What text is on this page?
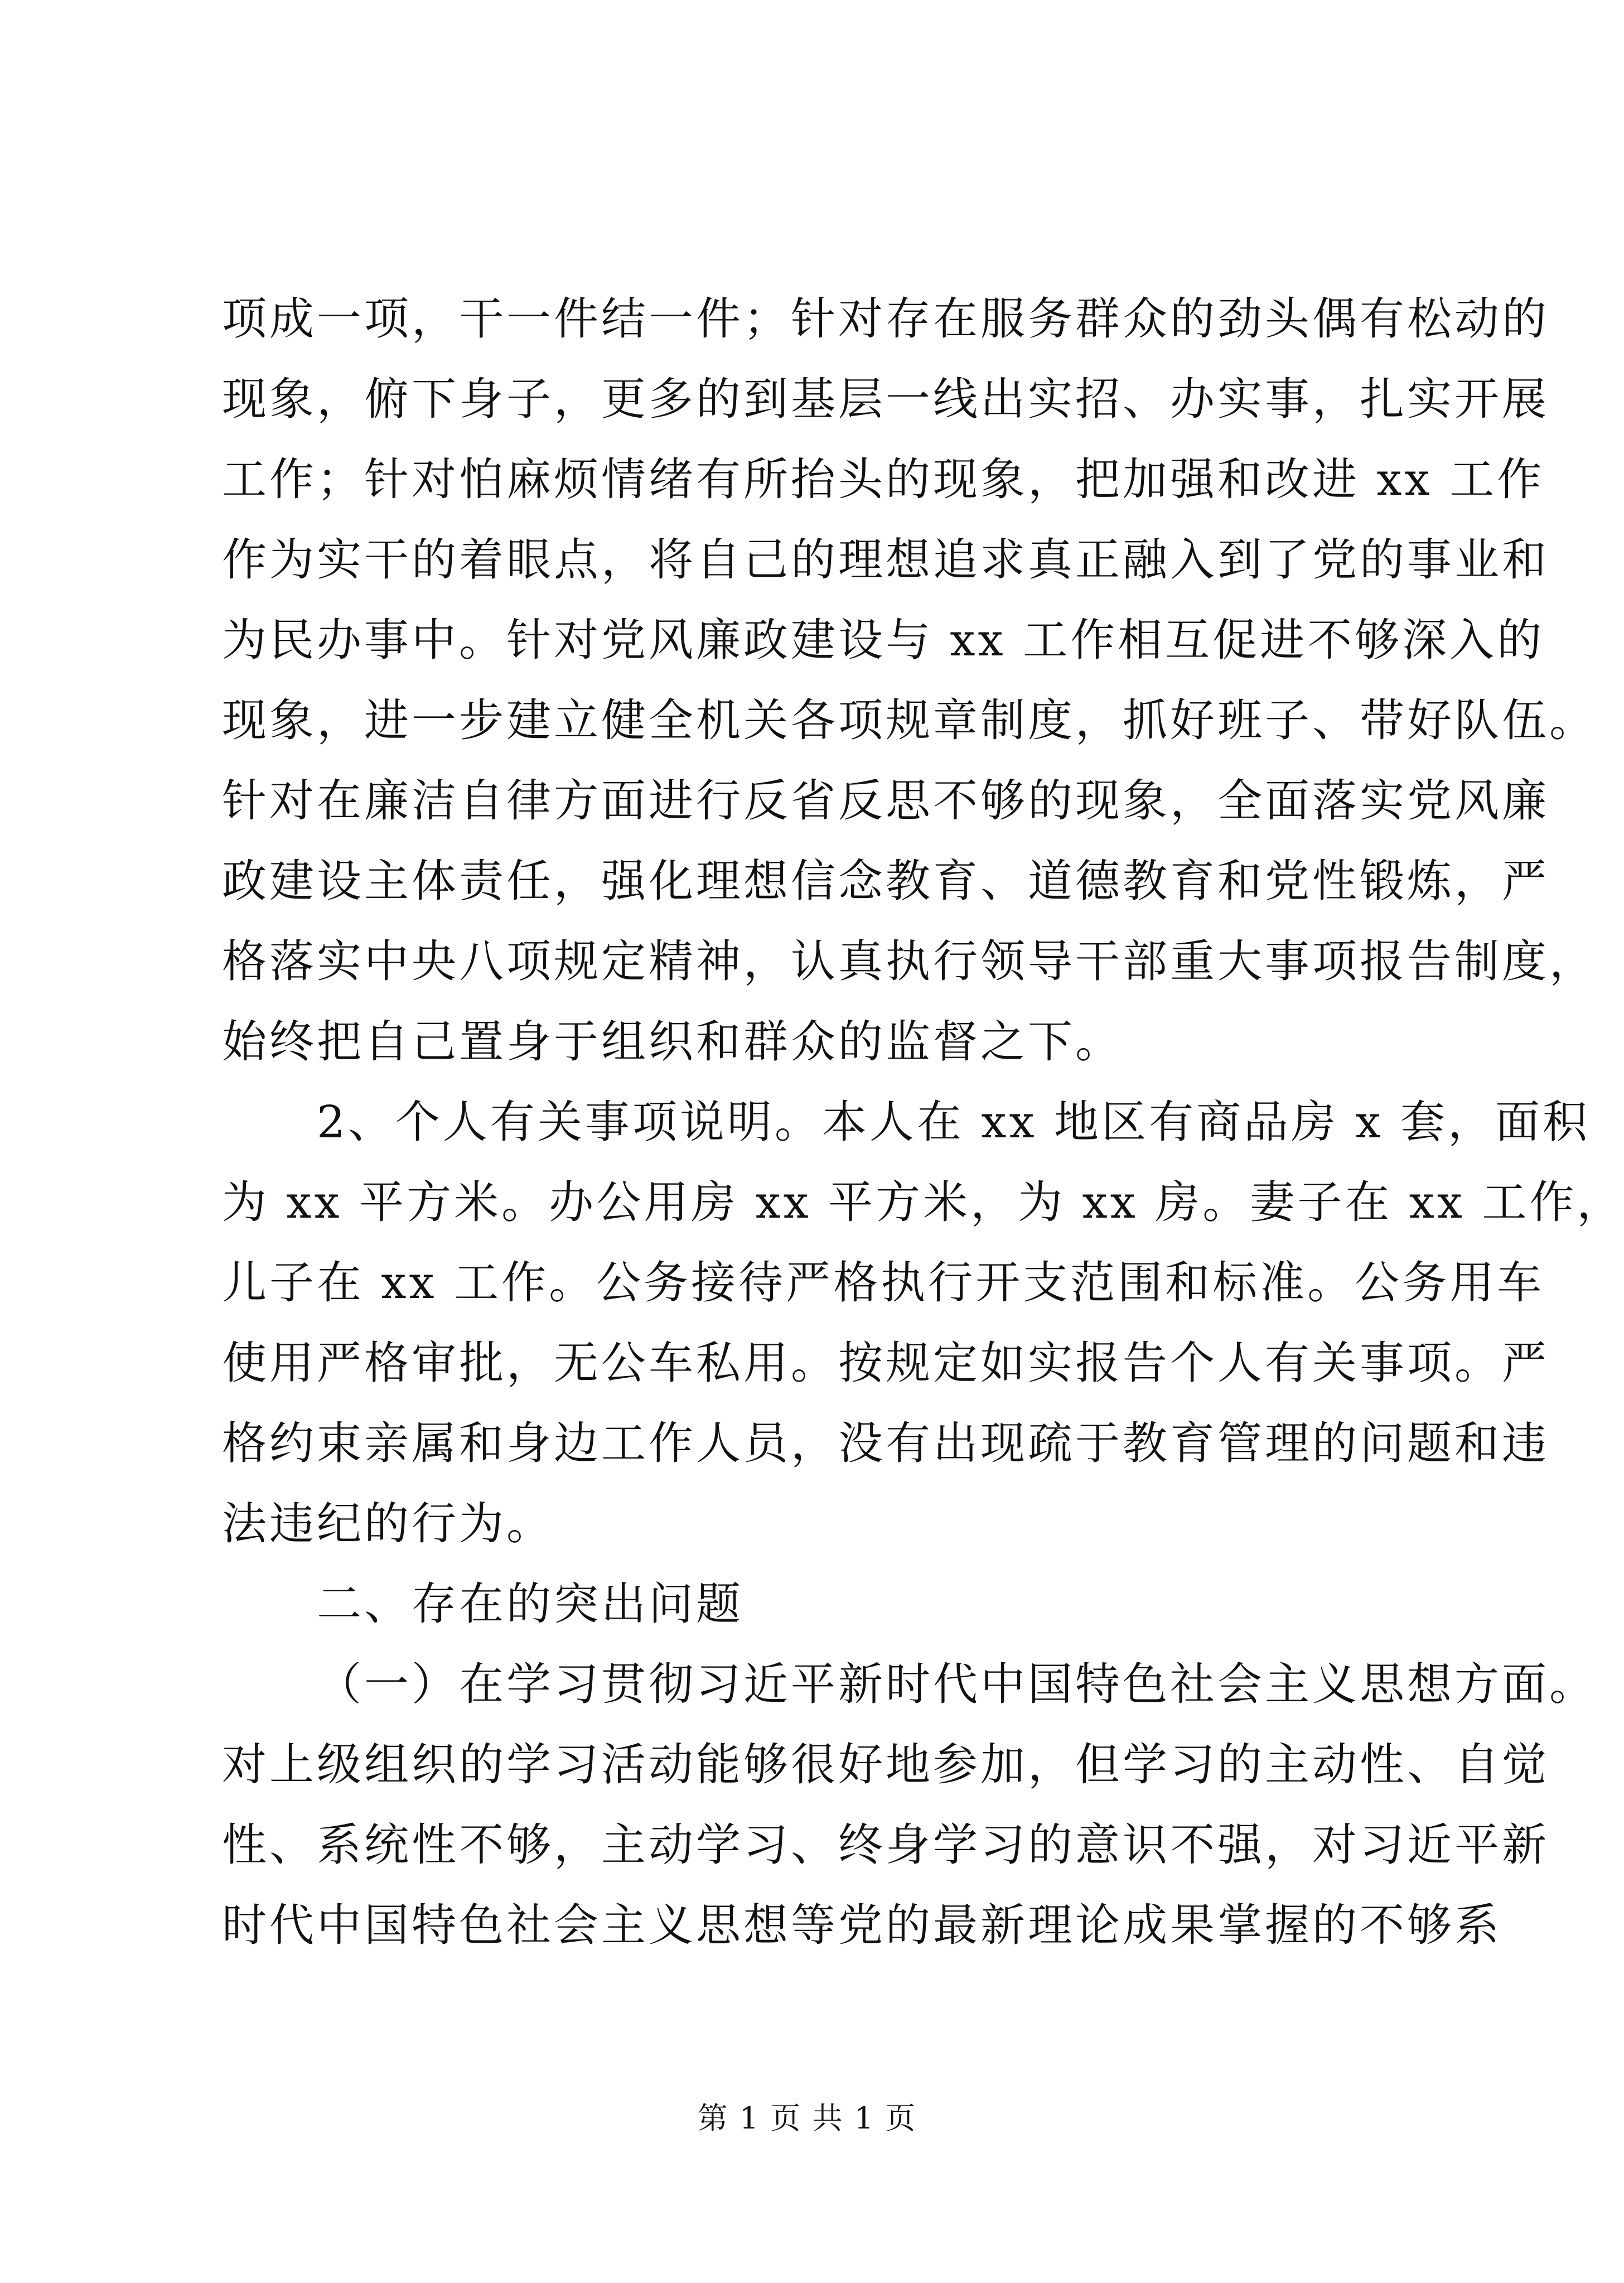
项成一项，干一件结一件；针对存在服务群众的劲头偶有松动的
现象，俯下身子，更多的到基层一线出实招、办实事，扎实开展
工作；针对怕麻烦情绪有所抬头的现象，把加强和改进 xx 工作
作为实干的着眼点，将自己的理想追求真正融入到了党的事业和
为民办事中。针对党风廉政建设与 xx 工作相互促进不够深入的
现象，进一步建立健全机关各项规章制度，抓好班子、带好队伍。
针对在廉洁自律方面进行反省反思不够的现象，全面落实党风廉
政建设主体责任，强化理想信念教育、道德教育和党性锻炼，严
格落实中央八项规定精神，认真执行领导干部重大事项报告制度，
始终把自己置身于组织和群众的监督之下。
2、个人有关事项说明。本人在 xx 地区有商品房 x 套，面积
为 xx 平方米。办公用房 xx 平方米，为 xx 房。妻子在 xx 工作，
儿子在 xx 工作。公务接待严格执行开支范围和标准。公务用车
使用严格审批，无公车私用。按规定如实报告个人有关事项。严
格约束亲属和身边工作人员，没有出现疏于教育管理的问题和违
法违纪的行为。
二、存在的突出问题
（一）在学习贯彻习近平新时代中国特色社会主义思想方面。
对上级组织的学习活动能够很好地参加，但学习的主动性、自觉
性、系统性不够，主动学习、终身学习的意识不强，对习近平新
时代中国特色社会主义思想等党的最新理论成果掌握的不够系
第 1 页 共 1 页
